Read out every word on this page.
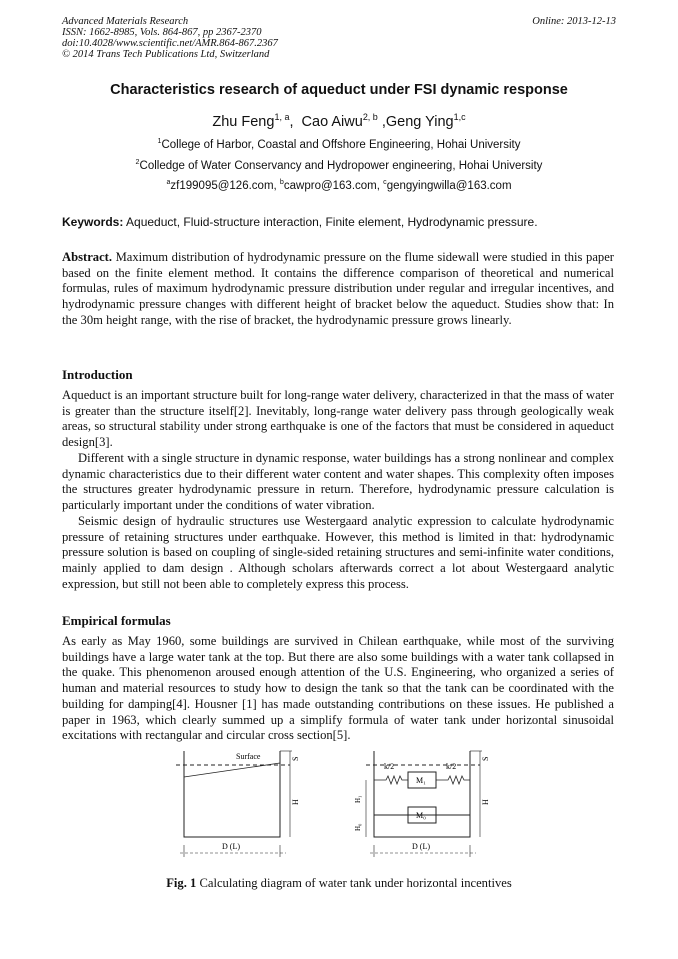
Advanced Materials Research
ISSN: 1662-8985, Vols. 864-867, pp 2367-2370
doi:10.4028/www.scientific.net/AMR.864-867.2367
© 2014 Trans Tech Publications Ltd, Switzerland
Online: 2013-12-13
Characteristics research of aqueduct under FSI dynamic response
Zhu Feng$^{1, a}$,  Cao Aiwu$^{2, b}$ ,Geng Ying$^{1,c}$
$^1$College of Harbor, Coastal and Offshore Engineering, Hohai University
$^2$Colledge of Water Conservancy and Hydropower engineering, Hohai University
$^a$zf199095@126.com, $^b$cawpro@163.com, $^c$gengyingwilla@163.com
Keywords: Aqueduct, Fluid-structure interaction, Finite element, Hydrodynamic pressure.

Abstract. Maximum distribution of hydrodynamic pressure on the flume sidewall were studied in this paper based on the finite element method. It contains the difference comparison of theoretical and numerical formulas, rules of maximum hydrodynamic pressure distribution under regular and irregular incentives, and hydrodynamic pressure changes with different height of bracket below the aqueduct. Studies show that: In the 30m height range, with the rise of bracket, the hydrodynamic pressure grows linearly.

Introduction

Aqueduct is an important structure built for long-range water delivery, characterized in that the mass of water is greater than the structure itself[2]. Inevitably, long-range water delivery pass through geologically weak areas, so structural stability under strong earthquake is one of the factors that must be considered in aqueduct design[3].

Different with a single structure in dynamic response, water buildings has a strong nonlinear and complex dynamic characteristics due to their different water content and water shapes. This complexity often imposes the structures greater hydrodynamic pressure in return. Therefore, hydrodynamic pressure calculation is particularly important under the conditions of water vibration.

Seismic design of hydraulic structures use Westergaard analytic expression to calculate hydrodynamic pressure of retaining structures under earthquake. However, this method is limited in that: hydrodynamic pressure solution is based on coupling of single-sided retaining structures and semi-infinite water conditions, mainly applied to dam design . Although scholars afterwards correct a lot about Westergaard analytic expression, but still not been able to completely express this process.

Empirical formulas

As early as May 1960, some buildings are survived in Chilean earthquake, while most of the surviving buildings have a large water tank at the top. But there are also some buildings with a water tank collapsed in the quake. This phenomenon aroused enough attention of the U.S. Engineering, who organized a series of human and material resources to study how to design the tank so that the tank can be coordinated with the building for damping[4]. Housner [1] has made outstanding contributions on these issues. He published a paper in 1963, which clearly summed up a simplify formula of water tank under horizontal sinusoidal excitations with rectangular and circular cross section[5].

Surface	S
H
D (L)
k/2	k/2
M₁
M₀
H₁
H₀
S
H
D (L)
Fig. 1 Calculating diagram of water tank under horizontal incentives
